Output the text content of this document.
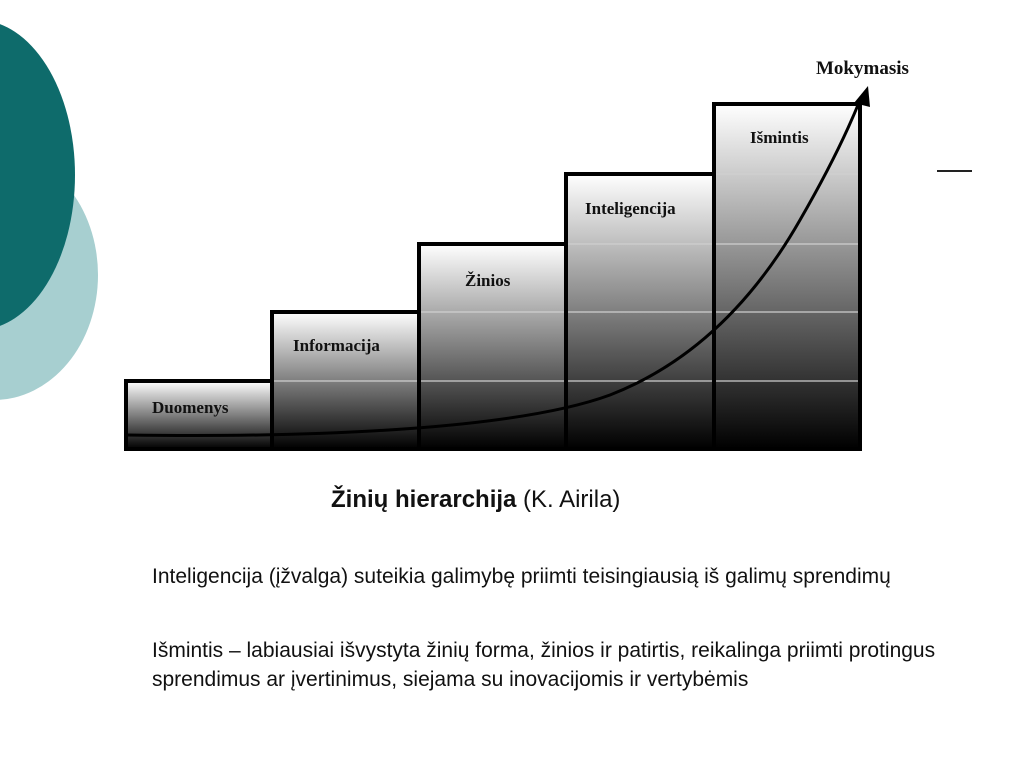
Duomenys
Informacija
Žinios
Inteligencija
Išmintis
Mokymasis
Žinių hierarchija (K. Airila)

Inteligencija (įžvalga) suteikia galimybę priimti teisingiausią iš galimų sprendimų

Išmintis – labiausiai išvystyta žinių forma, žinios ir patirtis, reikalinga priimti protingus sprendimus ar įvertinimus, siejama su inovacijomis ir vertybėmis
